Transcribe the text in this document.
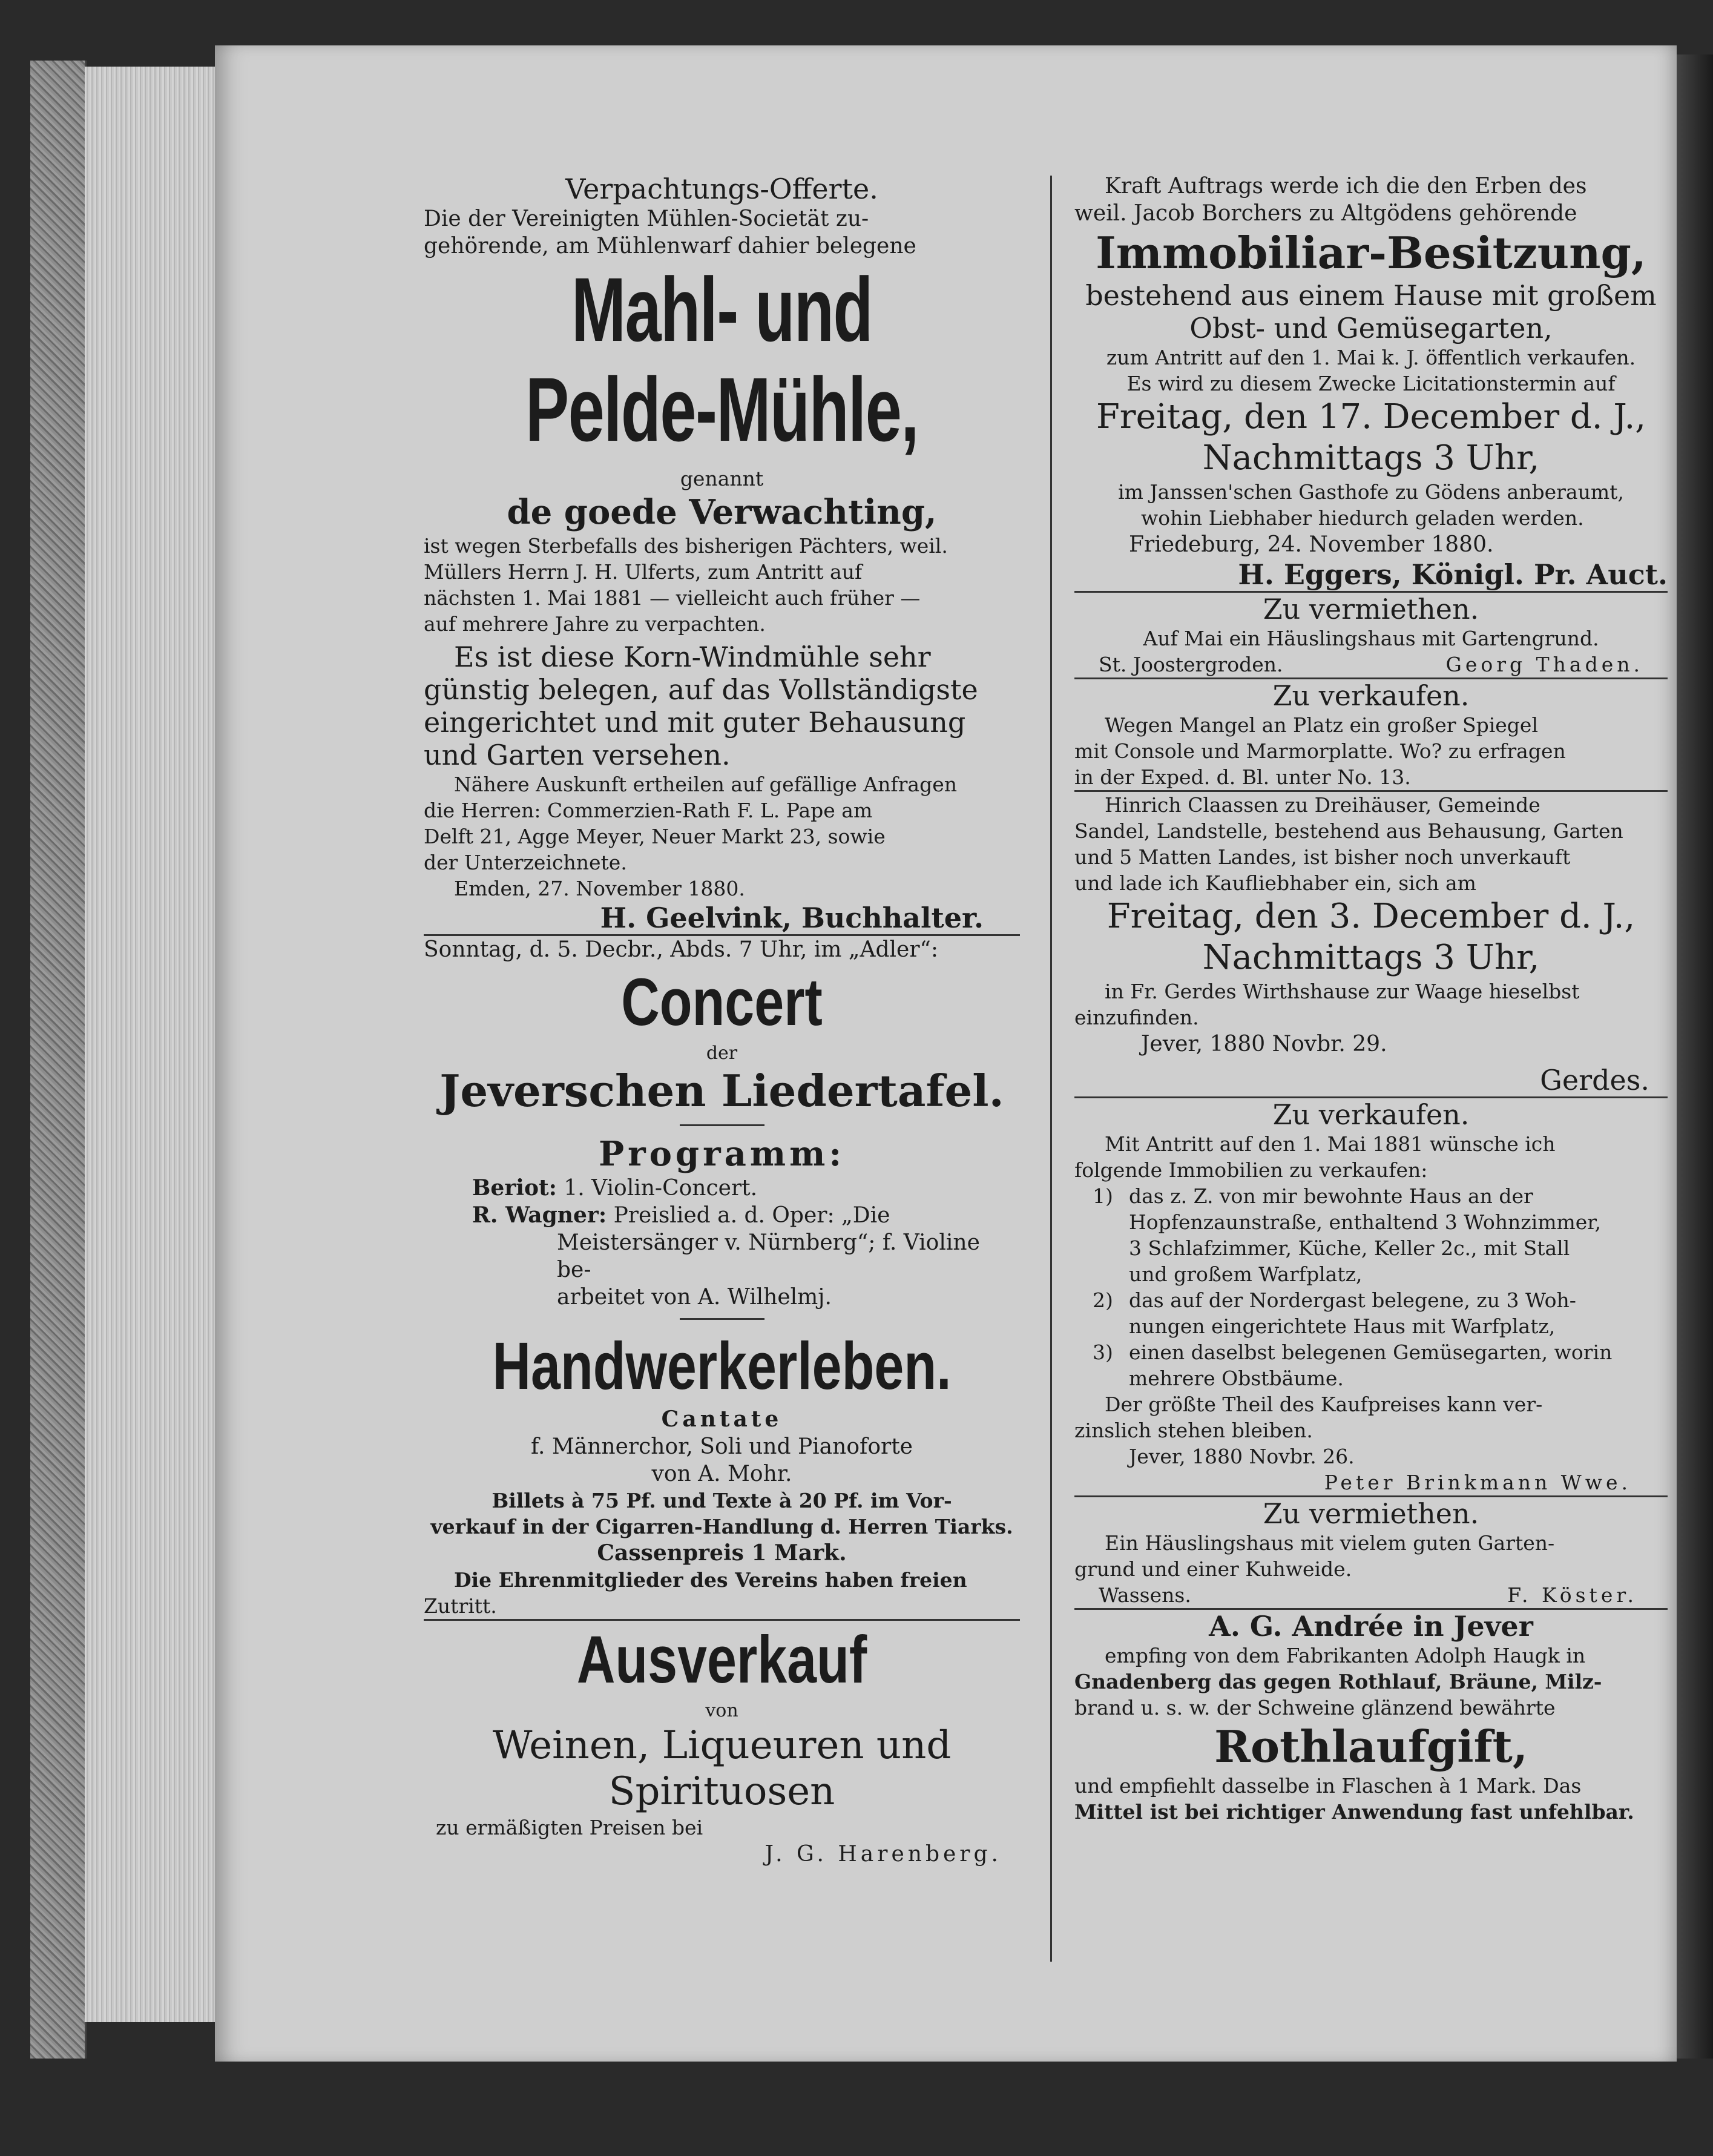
Verpachtungs-Offerte.
Die der Vereinigten Mühlen-Societät zu-
gehörende, am Mühlenwarf dahier belegene
Mahl- und
Pelde-Mühle,
genannt
de goede Verwachting,
ist wegen Sterbefalls des bisherigen Pächters, weil.
Müllers Herrn J. H. Ulferts, zum Antritt auf
nächsten 1. Mai 1881 — vielleicht auch früher —
auf mehrere Jahre zu verpachten.
Es ist diese Korn-Windmühle sehr
günstig belegen, auf das Vollständigste
eingerichtet und mit guter Behausung
und Garten versehen.
Nähere Auskunft ertheilen auf gefällige Anfragen
die Herren: Commerzien-Rath F. L. Pape am
Delft 21, Agge Meyer, Neuer Markt 23, sowie
der Unterzeichnete.
Emden, 27. November 1880.
H. Geelvink, Buchhalter.
Sonntag, d. 5. Decbr., Abds. 7 Uhr, im „Adler“:
Concert
der
Jeverschen Liedertafel.
Programm:
Beriot: 1. Violin-Concert.
R. Wagner: Preislied a. d. Oper: „Die
Meistersänger v. Nürnberg“; f. Violine be-
arbeitet von A. Wilhelmj.
Handwerkerleben.
Cantate
f. Männerchor, Soli und Pianoforte
von A. Mohr.
Billets à 75 Pf. und Texte à 20 Pf. im Vor-
verkauf in der Cigarren-Handlung d. Herren Tiarks.
Cassenpreis 1 Mark.
Die Ehrenmitglieder des Vereins haben freien
Zutritt.
Ausverkauf
von
Weinen, Liqueuren und Spirituosen
zu ermäßigten Preisen bei
J. G. Harenberg.
Kraft Auftrags werde ich die den Erben des
weil. Jacob Borchers zu Altgödens gehörende
Immobiliar-Besitzung,
bestehend aus einem Hause mit großem
Obst- und Gemüsegarten,
zum Antritt auf den 1. Mai k. J. öffentlich verkaufen.
Es wird zu diesem Zwecke Licitationstermin auf
Freitag, den 17. December d. J.,
Nachmittags 3 Uhr,
im Janssen'schen Gasthofe zu Gödens anberaumt,
wohin Liebhaber hiedurch geladen werden.
Friedeburg, 24. November 1880.
H. Eggers, Königl. Pr. Auct.
Zu vermiethen.
Auf Mai ein Häuslingshaus mit Gartengrund.
St. Joostergroden.	Georg Thaden.
Zu verkaufen.
Wegen Mangel an Platz ein großer Spiegel
mit Console und Marmorplatte. Wo? zu erfragen
in der Exped. d. Bl. unter No. 13.
Hinrich Claassen zu Dreihäuser, Gemeinde
Sandel, Landstelle, bestehend aus Behausung, Garten
und 5 Matten Landes, ist bisher noch unverkauft
und lade ich Kaufliebhaber ein, sich am
Freitag, den 3. December d. J.,
Nachmittags 3 Uhr,
in Fr. Gerdes Wirthshause zur Waage hieselbst
einzufinden.
Jever, 1880 Novbr. 29.
Gerdes.
Zu verkaufen.
Mit Antritt auf den 1. Mai 1881 wünsche ich
folgende Immobilien zu verkaufen:
1) das z. Z. von mir bewohnte Haus an der
Hopfenzaunstraße, enthaltend 3 Wohnzimmer,
3 Schlafzimmer, Küche, Keller 2c., mit Stall
und großem Warfplatz,
2) das auf der Nordergast belegene, zu 3 Woh-
nungen eingerichtete Haus mit Warfplatz,
3) einen daselbst belegenen Gemüsegarten, worin
mehrere Obstbäume.
Der größte Theil des Kaufpreises kann ver-
zinslich stehen bleiben.
Jever, 1880 Novbr. 26.
Peter Brinkmann Wwe.
Zu vermiethen.
Ein Häuslingshaus mit vielem guten Garten-
grund und einer Kuhweide.
Wassens.	F. Köster.
A. G. Andrée in Jever
empfing von dem Fabrikanten Adolph Haugk in
Gnadenberg das gegen Rothlauf, Bräune, Milz-
brand u. s. w. der Schweine glänzend bewährte
Rothlaufgift,
und empfiehlt dasselbe in Flaschen à 1 Mark. Das
Mittel ist bei richtiger Anwendung fast unfehlbar.
